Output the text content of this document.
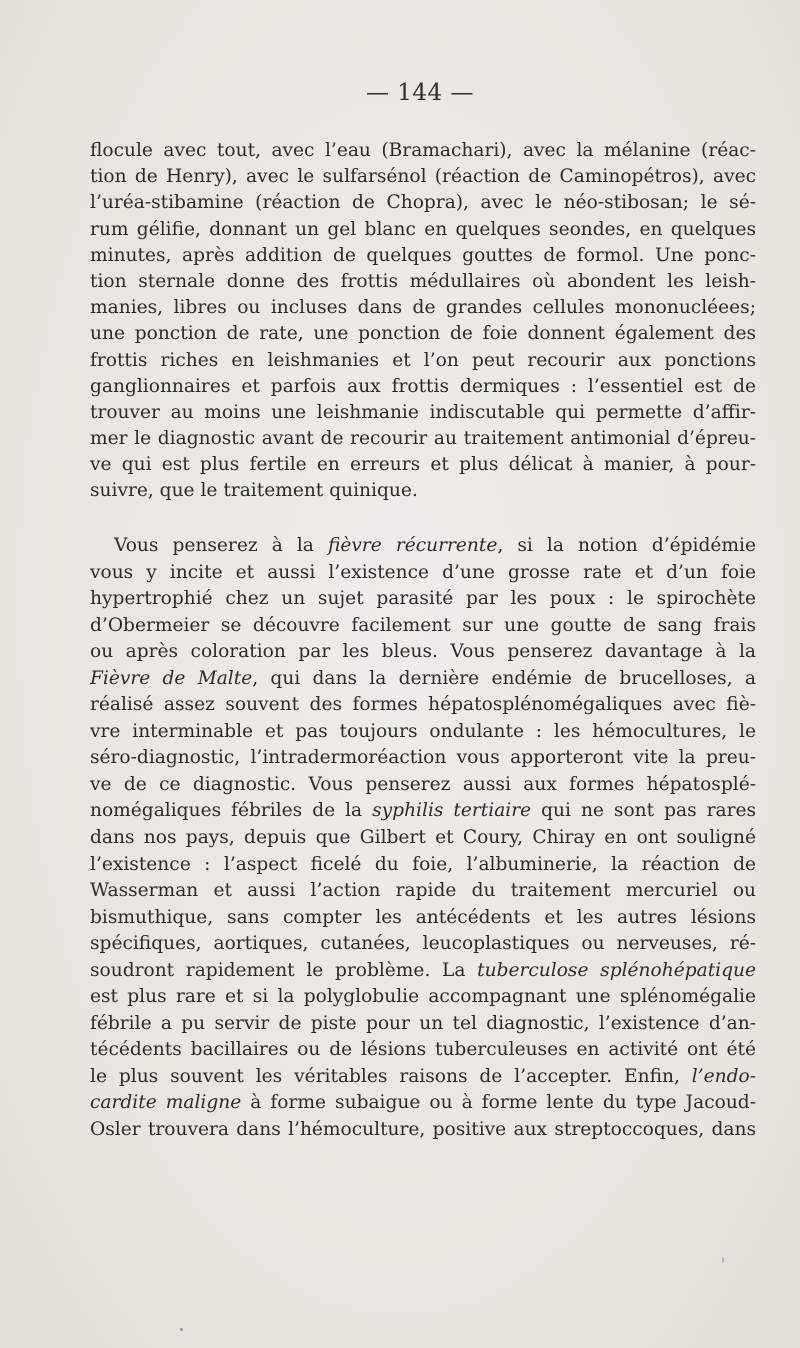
— 144 —
floculе avec tout, avec l’eau (Bramachari), avec la mélanine (réac-
tion de Henry), avec le sulfarsénol (réaction de Caminopétros), avec
l’uréa-stibamine (réaction de Chopra), avec le néo-stibosan; le sé-
rum gélifie, donnant un gel blanc en quelques seondes, en quelques
minutes, après addition de quelques gouttes de formol. Une ponc-
tion sternale donne des frottis médullaires où abondent les leish-
manies, libres ou incluses dans de grandes cellules mononucléees;
une ponction de rate, une ponction de foie donnent également des
frottis riches en leishmanies et l’on peut recourir aux ponctions
ganglionnaires et parfois aux frottis dermiques : l’essentiel est de
trouver au moins une leishmanie indiscutable qui permette d’affir-
mer le diagnostic avant de recourir au traitement antimonial d’épreu-
ve qui est plus fertile en erreurs et plus délicat à manier, à pour-
suivre, que le traitement quinique.
Vous penserez à la fièvre récurrente, si la notion d’épidémie
vous y incite et aussi l’existence d’une grosse rate et d’un foie
hypertrophié chez un sujet parasité par les poux : le spirochète
d’Obermeier se découvre facilement sur une goutte de sang frais
ou après coloration par les bleus. Vous penserez davantage à la
Fièvre de Malte, qui dans la dernière endémie de brucelloses, a
réalisé assez souvent des formes hépatosplénomégaliques avec fiè-
vre interminable et pas toujours ondulante : les hémocultures, le
séro-diagnostic, l’intradermoréaction vous apporteront vite la preu-
ve de ce diagnostic. Vous penserez aussi aux formes hépatosplé-
nomégaliques fébriles de la syphilis tertiaire qui ne sont pas rares
dans nos pays, depuis que Gilbert et Coury, Chiray en ont souligné
l’existence : l’aspect ficelé du foie, l’albuminerie, la réaction de
Wasserman et aussi l’action rapide du traitement mercuriel ou
bismuthique, sans compter les antécédents et les autres lésions
spécifiques, aortiques, cutanées, leucoplastiques ou nerveuses, ré-
soudront rapidement le problème. La tuberculose splénohépatique
est plus rare et si la polyglobulie accompagnant une splénomégalie
fébrile a pu servir de piste pour un tel diagnostic, l’existence d’an-
técédents bacillaires ou de lésions tuberculeuses en activité ont été
le plus souvent les véritables raisons de l’accepter. Enfin, l’endo-
cardite maligne à forme subaigue ou à forme lente du type Jacoud-
Osler trouvera dans l’hémoculture, positive aux streptoccoques, dans
